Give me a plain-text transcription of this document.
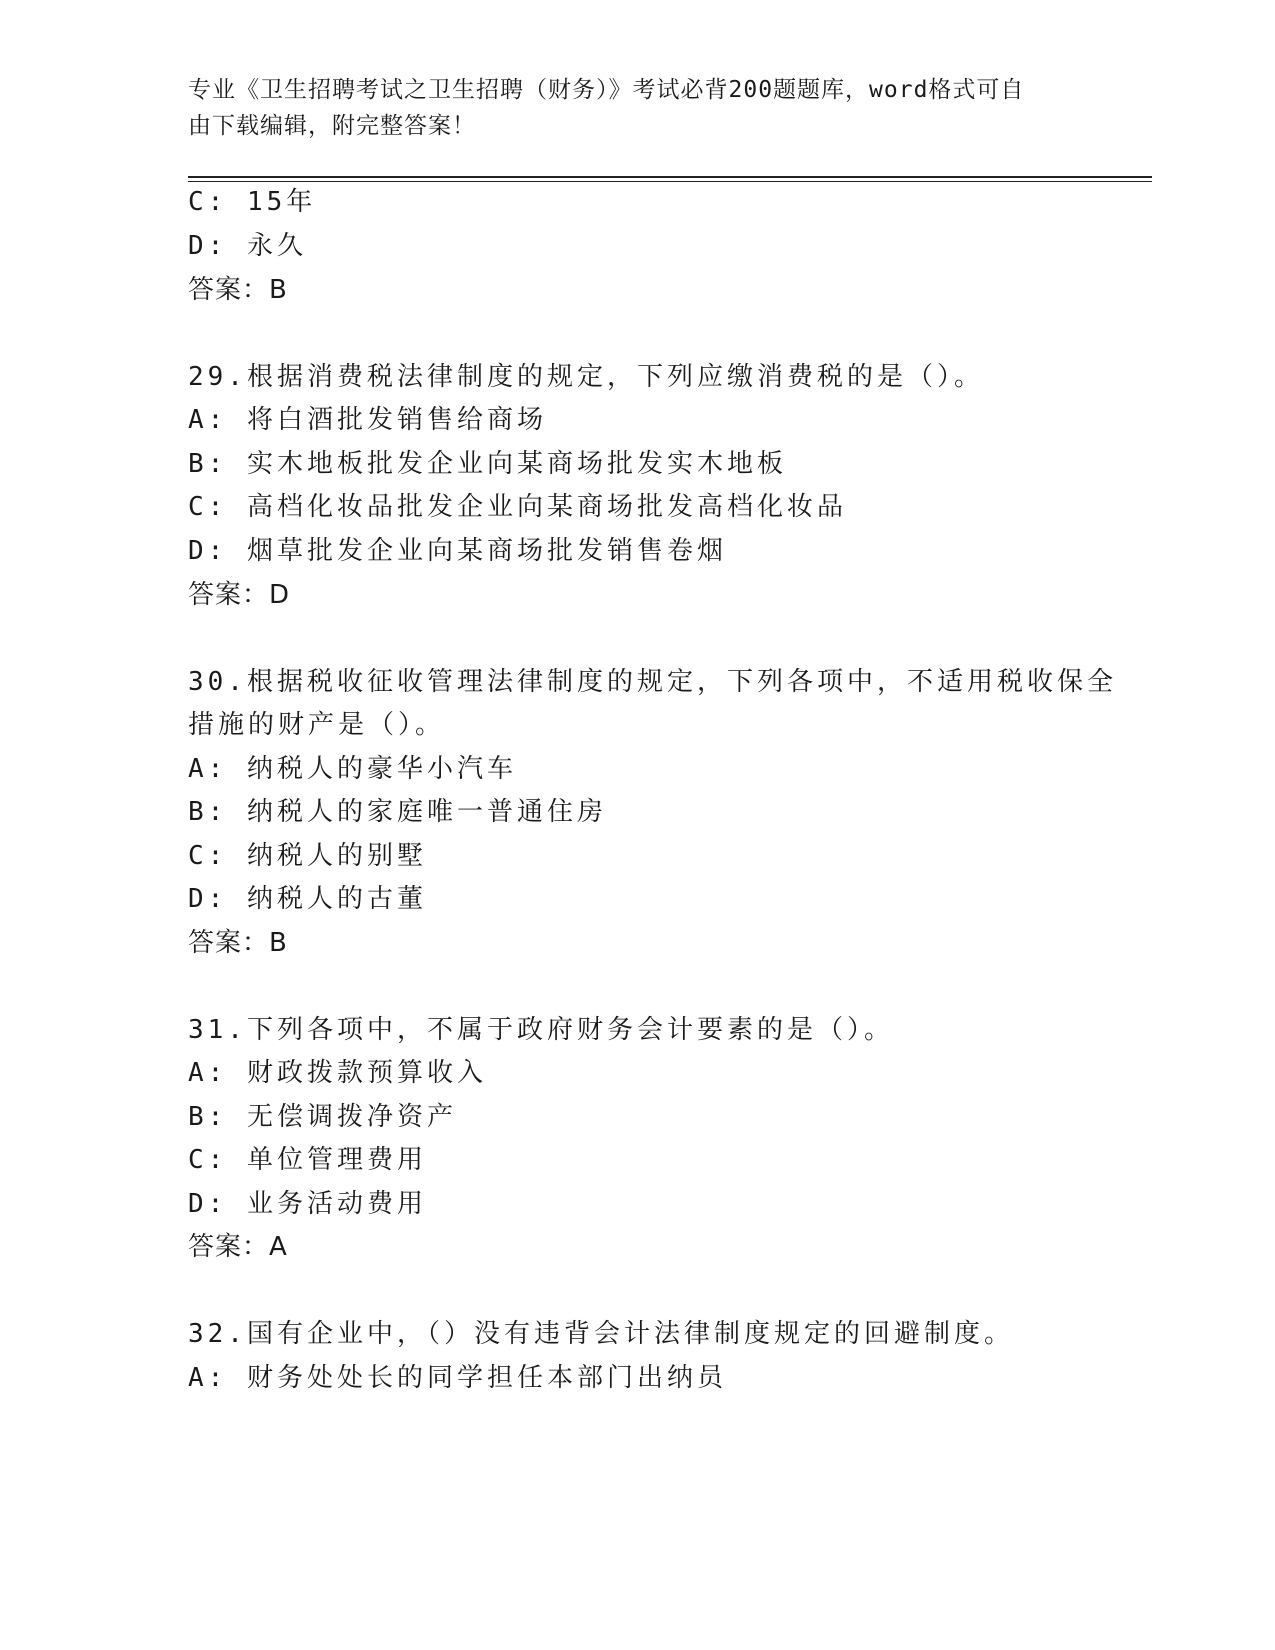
专业《卫生招聘考试之卫生招聘（财务）》考试必背200题题库，word格式可自
由下载编辑，附完整答案！
C: 15年
D: 永久
答案：B
29.根据消费税法律制度的规定，下列应缴消费税的是（）。
A: 将白酒批发销售给商场
B: 实木地板批发企业向某商场批发实木地板
C: 高档化妆品批发企业向某商场批发高档化妆品
D: 烟草批发企业向某商场批发销售卷烟
答案：D
30.根据税收征收管理法律制度的规定，下列各项中，不适用税收保全
措施的财产是（）。
A: 纳税人的豪华小汽车
B: 纳税人的家庭唯一普通住房
C: 纳税人的别墅
D: 纳税人的古董
答案：B
31.下列各项中，不属于政府财务会计要素的是（）。
A: 财政拨款预算收入
B: 无偿调拨净资产
C: 单位管理费用
D: 业务活动费用
答案：A
32.国有企业中，（）没有违背会计法律制度规定的回避制度。
A: 财务处处长的同学担任本部门出纳员
